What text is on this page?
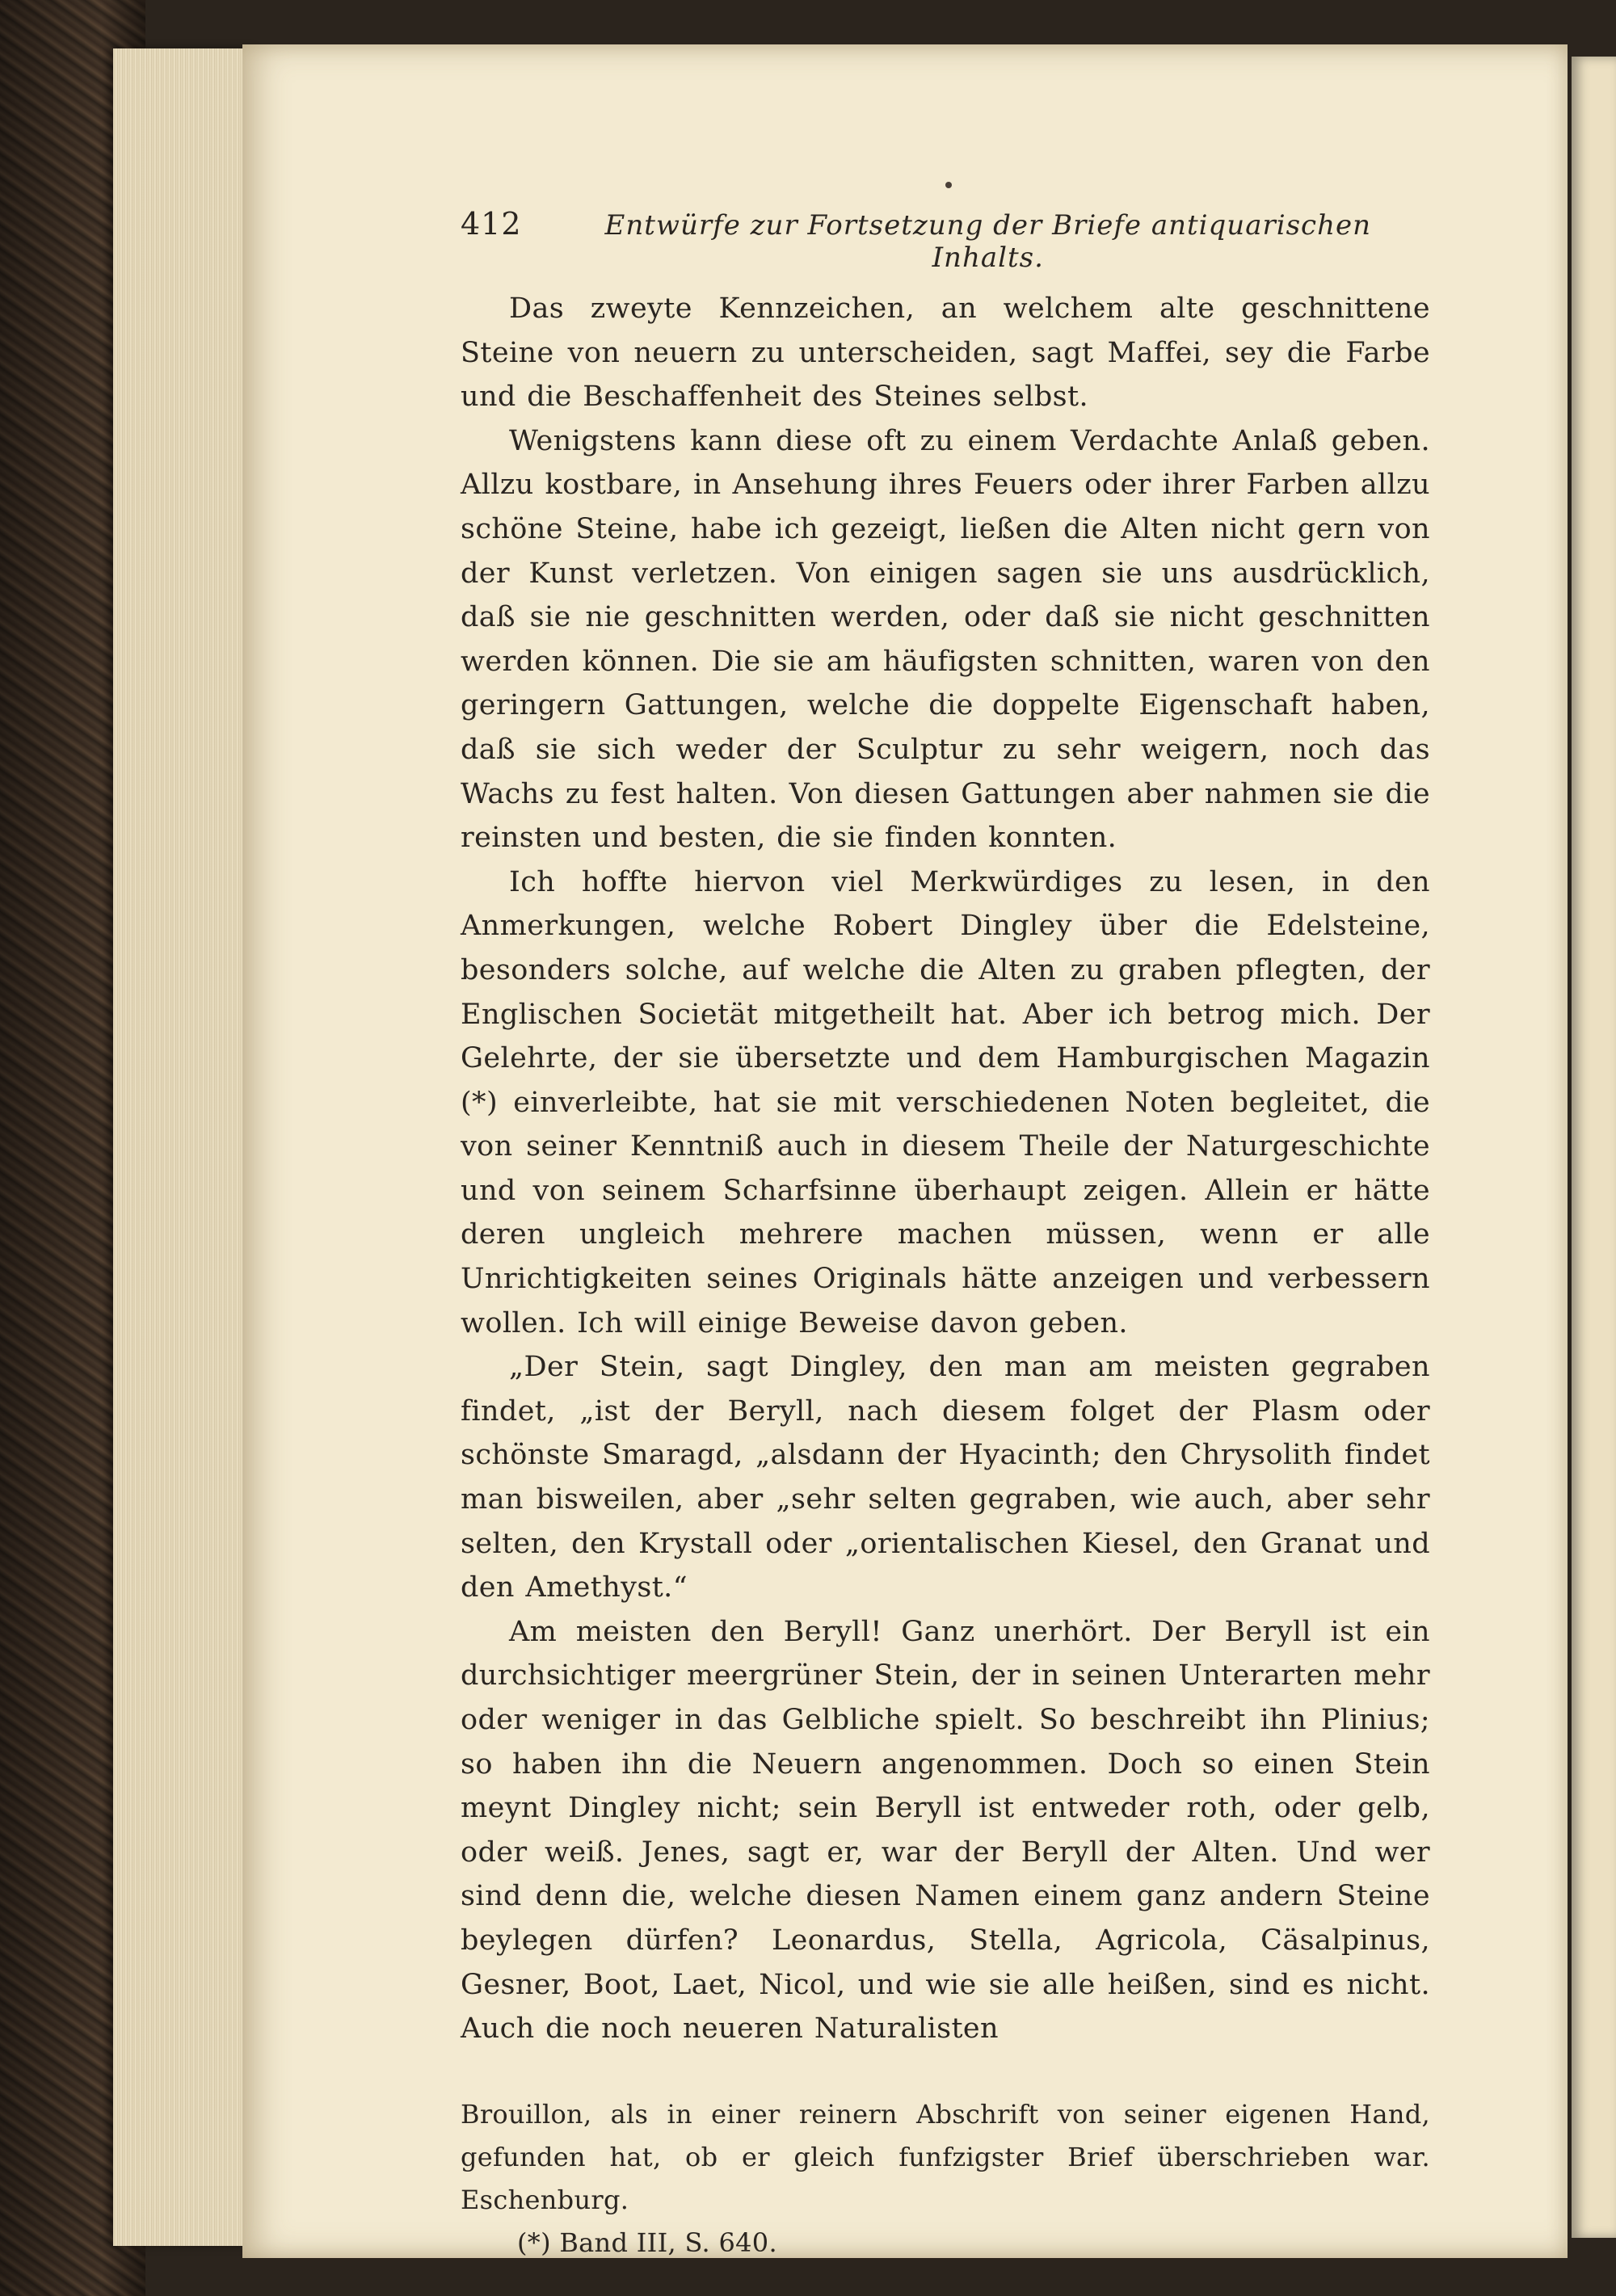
412	Entwürfe zur Fortsetzung der Briefe antiquarischen Inhalts.

Das zweyte Kennzeichen, an welchem alte geschnittene Steine von neuern zu unterscheiden, sagt Maffei, sey die Farbe und die Beschaffenheit des Steines selbst.

Wenigstens kann diese oft zu einem Verdachte Anlaß geben. Allzu kostbare, in Ansehung ihres Feuers oder ihrer Farben allzu schöne Steine, habe ich gezeigt, ließen die Alten nicht gern von der Kunst verletzen. Von einigen sagen sie uns ausdrücklich, daß sie nie geschnitten werden, oder daß sie nicht geschnitten werden können. Die sie am häufigsten schnitten, waren von den geringern Gattungen, welche die doppelte Eigenschaft haben, daß sie sich weder der Sculptur zu sehr weigern, noch das Wachs zu fest halten. Von diesen Gattungen aber nahmen sie die reinsten und besten, die sie finden konnten.

Ich hoffte hiervon viel Merkwürdiges zu lesen, in den Anmerkungen, welche Robert Dingley über die Edelsteine, besonders solche, auf welche die Alten zu graben pflegten, der Englischen Societät mitgetheilt hat. Aber ich betrog mich. Der Gelehrte, der sie übersetzte und dem Hamburgischen Magazin (*) einverleibte, hat sie mit verschiedenen Noten begleitet, die von seiner Kenntniß auch in diesem Theile der Naturgeschichte und von seinem Scharfsinne überhaupt zeigen. Allein er hätte deren ungleich mehrere machen müssen, wenn er alle Unrichtigkeiten seines Originals hätte anzeigen und verbessern wollen. Ich will einige Beweise davon geben.

„Der Stein, sagt Dingley, den man am meisten gegraben findet, „ist der Beryll, nach diesem folget der Plasm oder schönste Smaragd, „alsdann der Hyacinth; den Chrysolith findet man bisweilen, aber „sehr selten gegraben, wie auch, aber sehr selten, den Krystall oder „orientalischen Kiesel, den Granat und den Amethyst.“

Am meisten den Beryll! Ganz unerhört. Der Beryll ist ein durchsichtiger meergrüner Stein, der in seinen Unterarten mehr oder weniger in das Gelbliche spielt. So beschreibt ihn Plinius; so haben ihn die Neuern angenommen. Doch so einen Stein meynt Dingley nicht; sein Beryll ist entweder roth, oder gelb, oder weiß. Jenes, sagt er, war der Beryll der Alten. Und wer sind denn die, welche diesen Namen einem ganz andern Steine beylegen dürfen? Leonardus, Stella, Agricola, Cäsalpinus, Gesner, Boot, Laet, Nicol, und wie sie alle heißen, sind es nicht. Auch die noch neueren Naturalisten

Brouillon, als in einer reinern Abschrift von seiner eigenen Hand, gefunden hat, ob er gleich funfzigster Brief überschrieben war. Eschenburg.

(*) Band III, S. 640.
